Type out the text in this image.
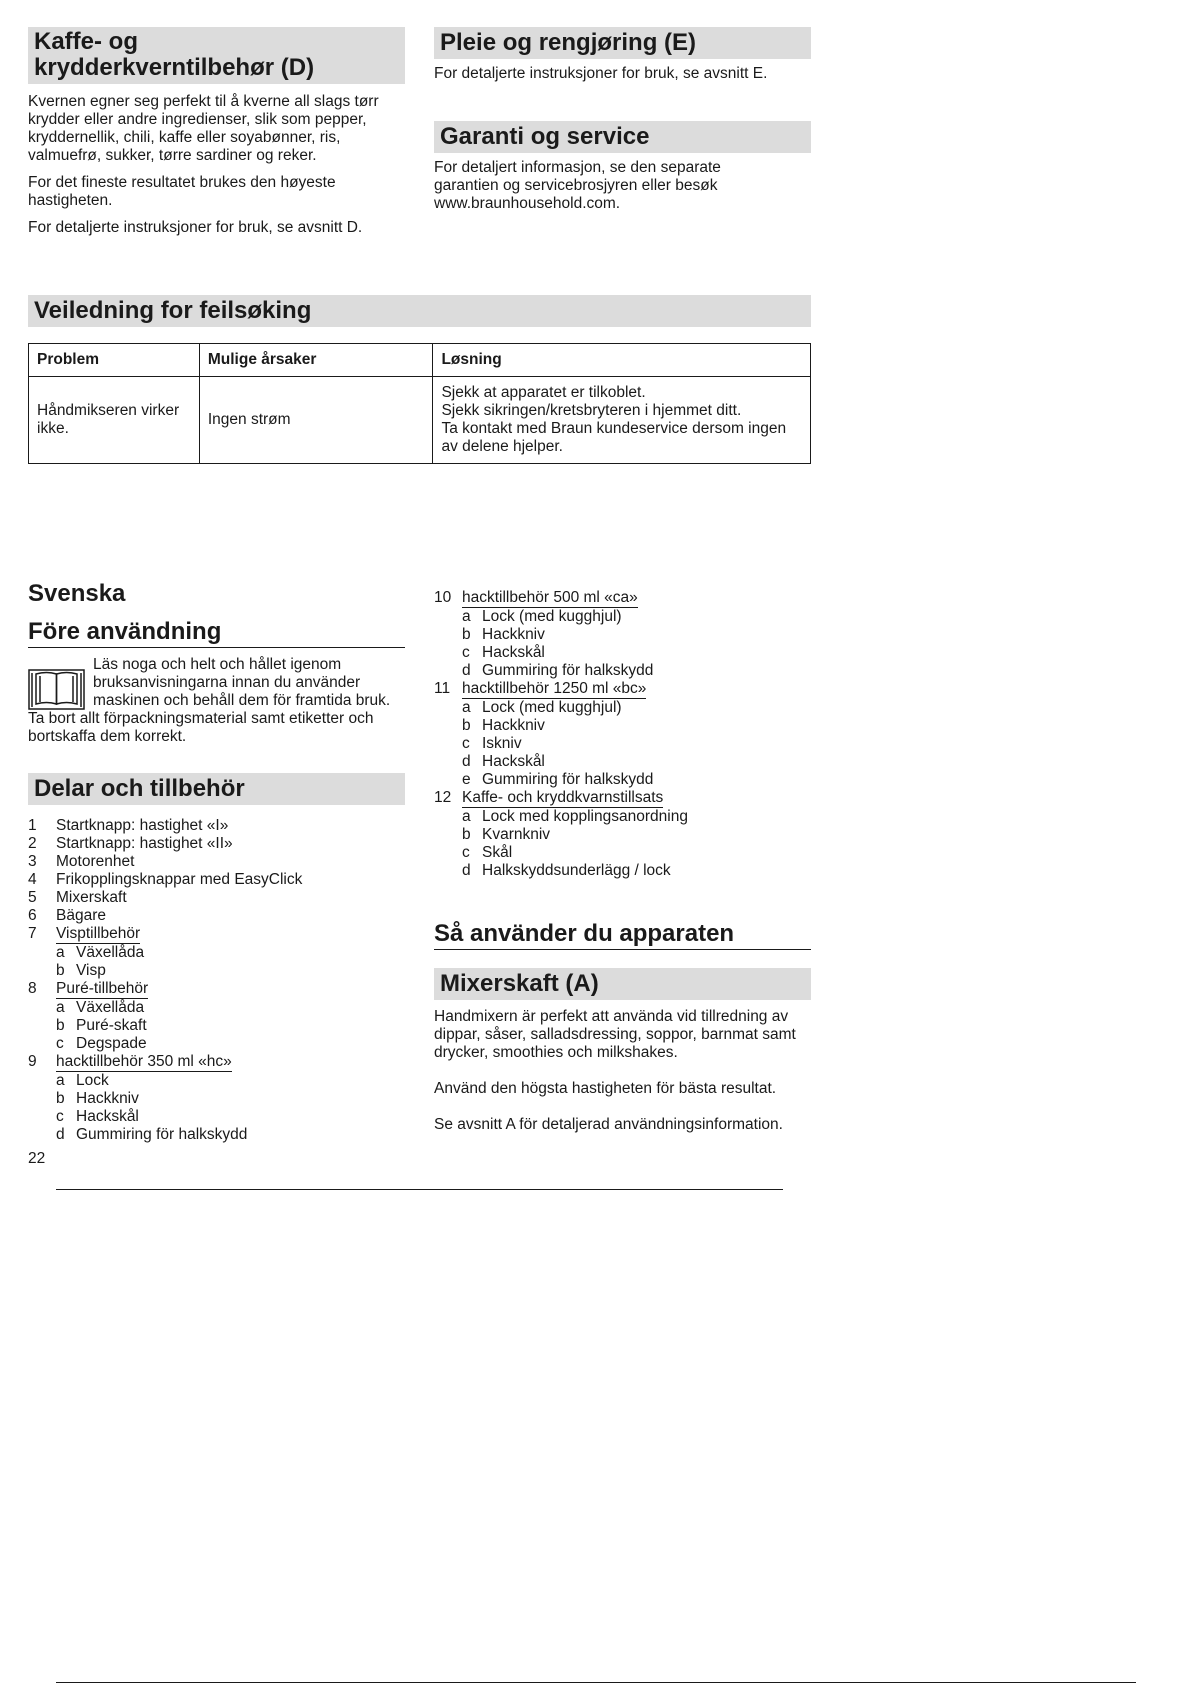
Kaffe- og
krydderkverntilbehør (D)

Kvernen egner seg perfekt til å kverne all slags tørr krydder eller andre ingredienser, slik som pepper, kryddernellik, chili, kaffe eller soyabønner, ris, valmuefrø, sukker, tørre sardiner og reker.

For det fineste resultatet brukes den høyeste hastigheten.

For detaljerte instruksjoner for bruk, se avsnitt D.

Pleie og rengjøring (E)

For detaljerte instruksjoner for bruk, se avsnitt E.

Garanti og service

For detaljert informasjon, se den separate garantien og servicebrosjyren eller besøk www.braunhousehold.com.

Veiledning for feilsøking
Problem	Mulige årsaker	Løsning
Håndmikseren virker ikke.	Ingen strøm	Sjekk at apparatet er tilkoblet.
Sjekk sikringen/kretsbryteren i hjemmet ditt.
Ta kontakt med Braun kundeservice dersom ingen av delene hjelper.
Svenska
Före användning

Läs noga och helt och hållet igenom bruksanvisningarna innan du använder maskinen och behåll dem för framtida bruk. Ta bort allt förpackningsmaterial samt etiketter och bortskaffa dem korrekt.

Delar och tillbehör
1	Startknapp: hastighet «I»
2	Startknapp: hastighet «II»
3	Motorenhet
4	Frikopplingsknappar med EasyClick
5	Mixerskaft
6	Bägare
7	Visptillbehör
a Växellåda
b Visp
8	Puré-tillbehör
a Växellåda
b Puré-skaft
c Degspade
9	hacktillbehör 350 ml «hc»
a Lock
b Hackkniv
c Hackskål
d Gummiring för halkskydd
22
10 hacktillbehör 500 ml «ca»
a Lock (med kugghjul)
b Hackkniv
c Hackskål
d Gummiring för halkskydd
11 hacktillbehör 1250 ml «bc»
a Lock (med kugghjul)
b Hackkniv
c Iskniv
d Hackskål
e Gummiring för halkskydd
12 Kaffe- och kryddkvarnstillsats
a Lock med kopplingsanordning
b Kvarnkniv
c Skål
d Halkskyddsunderlägg / lock
Så använder du apparaten
Mixerskaft (A)

Handmixern är perfekt att använda vid tillredning av dippar, såser, salladsdressing, soppor, barnmat samt drycker, smoothies och milkshakes.

Använd den högsta hastigheten för bästa resultat.

Se avsnitt A för detaljerad användningsinformation.
